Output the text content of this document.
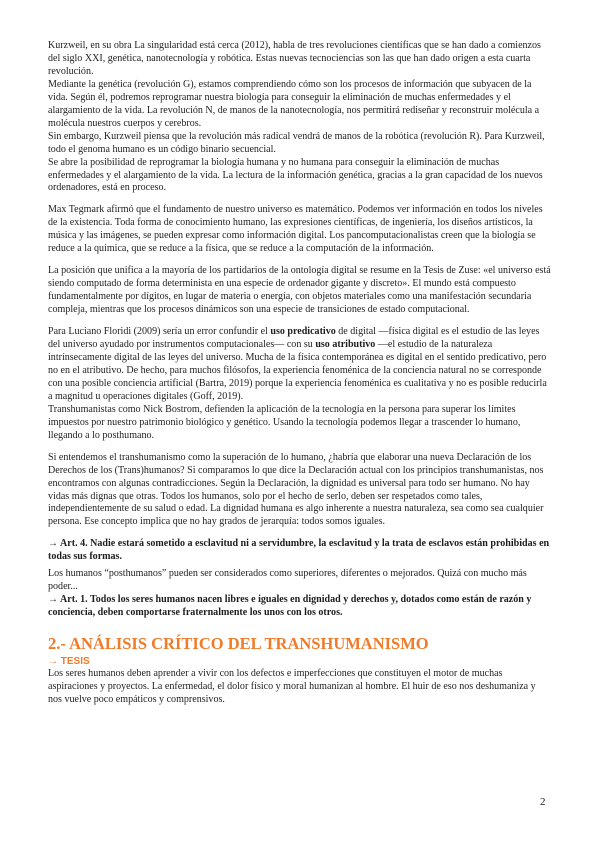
Kurzweil, en su obra La singularidad está cerca (2012), habla de tres revoluciones científicas que se han dado a comienzos del siglo XXI, genética, nanotecnología y robótica. Estas nuevas tecnociencias son las que han dado origen a esta cuarta revolución.

Mediante la genética (revolución G), estamos comprendiendo cómo son los procesos de información que subyacen de la vida. Según él, podremos reprogramar nuestra biología para conseguir la eliminación de muchas enfermedades y el alargamiento de la vida. La revolución N, de manos de la nanotecnología, nos permitirá rediseñar y reconstruir molécula a molécula nuestros cuerpos y cerebros.

Sin embargo, Kurzweil piensa que la revolución más radical vendrá de manos de la robótica (revolución R). Para Kurzweil, todo el genoma humano es un código binario secuencial.

Se abre la posibilidad de reprogramar la biología humana y no humana para conseguir la eliminación de muchas enfermedades y el alargamiento de la vida. La lectura de la información genética, gracias a la gran capacidad de los nuevos ordenadores, está en proceso.

Max Tegmark afirmó que el fundamento de nuestro universo es matemático. Podemos ver información en todos los niveles de la existencia. Toda forma de conocimiento humano, las expresiones científicas, de ingeniería, los diseños artísticos, la música y las imágenes, se pueden expresar como información digital. Los pancomputacionalistas creen que la biología se reduce a la química, que se reduce a la física, que se reduce a la computación de la información.

La posición que unifica a la mayoría de los partidarios de la ontología digital se resume en la Tesis de Zuse: «el universo está siendo computado de forma determinista en una especie de ordenador gigante y discreto». El mundo está compuesto fundamentalmente por dígitos, en lugar de materia o energía, con objetos materiales como una manifestación secundaria compleja, mientras que los procesos dinámicos son una especie de transiciones de estado computacional.

Para Luciano Floridi (2009) sería un error confundir el uso predicativo de digital —física digital es el estudio de las leyes del universo ayudado por instrumentos computacionales— con su uso atributivo —el estudio de la naturaleza intrínsecamente digital de las leyes del universo. Mucha de la física contemporánea es digital en el sentido predicativo, pero no en el atributivo. De hecho, para muchos filósofos, la experiencia fenoménica de la conciencia natural no se corresponde con una posible conciencia artificial (Bartra, 2019) porque la experiencia fenoménica es cualitativa y no es posible reducirla a magnitud u operaciones digitales (Goff, 2019).

Transhumanistas como Nick Bostrom, defienden la aplicación de la tecnología en la persona para superar los límites impuestos por nuestro patrimonio biológico y genético. Usando la tecnología podemos llegar a trascender lo humano, llegando a lo posthumano.

Si entendemos el transhumanismo como la superación de lo humano, ¿habría que elaborar una nueva Declaración de los Derechos de los (Trans)humanos? Si comparamos lo que dice la Declaración actual con los principios transhumanistas, nos encontramos con algunas contradicciones. Según la Declaración, la dignidad es universal para todo ser humano. No hay vidas más dignas que otras. Todos los humanos, solo por el hecho de serlo, deben ser respetados como tales, independientemente de su salud o edad. La dignidad humana es algo inherente a nuestra naturaleza, sea como sea cualquier persona. Ese concepto implica que no hay grados de jerarquía: todos somos iguales.

→ Art. 4. Nadie estará sometido a esclavitud ni a servidumbre, la esclavitud y la trata de esclavos están prohibidas en todas sus formas.

Los humanos “posthumanos” pueden ser considerados como superiores, diferentes o mejorados. Quizá con mucho más poder...

→ Art. 1. Todos los seres humanos nacen libres e iguales en dignidad y derechos y, dotados como están de razón y conciencia, deben comportarse fraternalmente los unos con los otros.

2.- ANÁLISIS CRÍTICO DEL TRANSHUMANISMO

→ TESIS

Los seres humanos deben aprender a vivir con los defectos e imperfecciones que constituyen el motor de muchas aspiraciones y proyectos. La enfermedad, el dolor físico y moral humanizan al hombre. El huir de eso nos deshumaniza y nos vuelve poco empáticos y comprensivos.

2
